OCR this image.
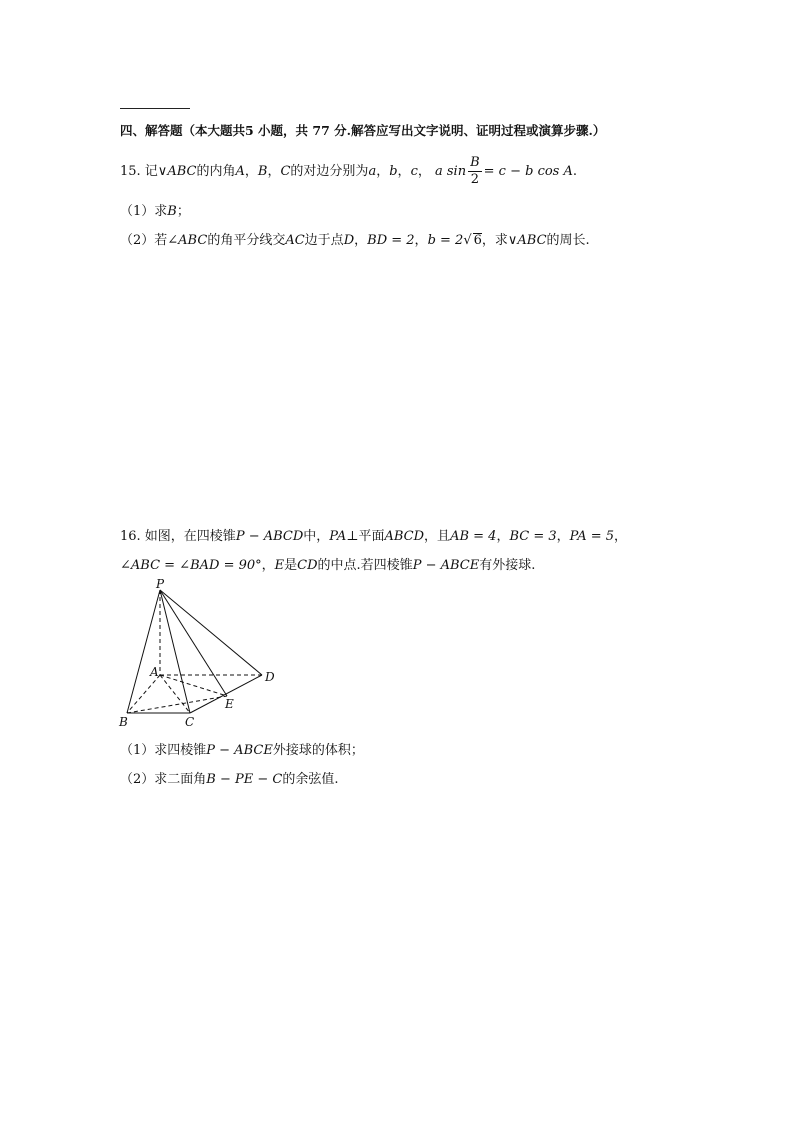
四、解答题（本大题共5 小题，共 77 分.解答应写出文字说明、证明过程或演算步骤.）
15. 记∨ABC的内角A，B，C的对边分别为a，b，c， a $\sin \frac{B}{2} = c - b$ cos A.
（1）求B；
（2）若∠ABC的角平分线交AC边于点D，BD = 2，b = 2√ 6，求∨ABC的周长.
16. 如图，在四棱锥P − ABCD中，PA⊥平面ABCD，且AB = 4，BC = 3，PA = 5，
∠ABC = ∠BAD = 90°，E是CD的中点.若四棱锥P − ABCE有外接球.
P
A	D
E
B	C
（1）求四棱锥P − ABCE外接球的体积；
（2）求二面角B − PE − C的余弦值.
